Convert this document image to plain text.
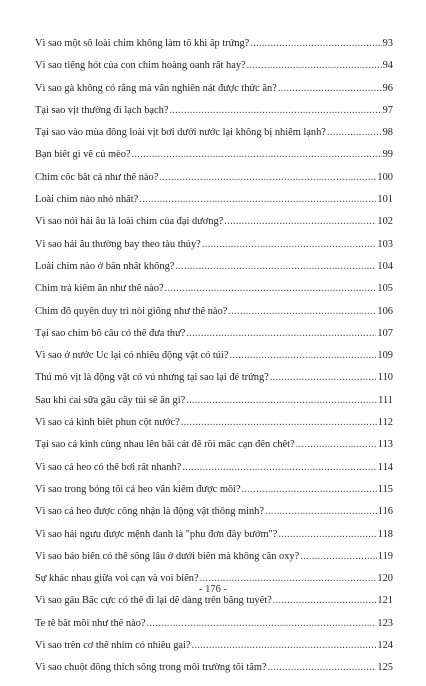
Vì sao một số loài chim không làm tổ khi ấp trứng? .....	93
Vì sao tiếng hót của con chim hoàng oanh rất hay? .....	94
Vì sao gà không có răng mà vẫn nghiền nát được thức ăn? .....	96
Tại sao vịt thường đi lạch bạch? .....	97
Tại sao vào mùa đông loài vịt bơi dưới nước lại không bị nhiễm lạnh? .....	98
Bạn biết gì về cú mèo? .....	99
Chim cốc bắt cá như thế nào? .....	100
Loài chim nào nhỏ nhất? .....	101
Vì sao nói hải âu là loài chim của đại dương? .....	102
Vì sao hải âu thường bay theo tàu thủy? .....	103
Loài chim nào ở bẩn nhất không? .....	104
Chim trả kiếm ăn như thế nào? .....	105
Chim đỗ quyên duy trì nòi giống như thế nào? .....	106
Tại sao chim bồ câu có thể đưa thư? .....	107
Vì sao ở nước Úc lại có nhiều động vật có túi? .....	109
Thú mỏ vịt là động vật có vú nhưng tại sao lại đẻ trứng? .....	110
Sau khi cai sữa gấu cây túi sẽ ăn gì? .....	111
Vì sao cá kình biết phun cột nước? .....	112
Tại sao cá kình cùng nhau lên bãi cát để rồi mắc cạn đến chết? .....	113
Vì sao cá heo có thể bơi rất nhanh? .....	114
Vì sao trong bóng tối cá heo vẫn kiếm được mồi? .....	115
Vì sao cá heo được công nhận là động vật thông minh? .....	116
Vì sao hải ngưu được mệnh danh là "phu đơn đầy bướm"? .....	118
Vì sao báo biển có thể sống lâu ở dưới biển mà không cần oxy? .....	119
Sự khác nhau giữa voi cạn và voi biển? .....	120
Vì sao gấu Bắc cực có thể đi lại dễ dàng trên băng tuyết? .....	121
Te tê bắt mồi như thế nào? .....	123
Vì sao trên cơ thể nhím có nhiều gai? .....	124
Vì sao chuột đồng thích sống trong môi trường tối tăm? .....	125
- 176 -
